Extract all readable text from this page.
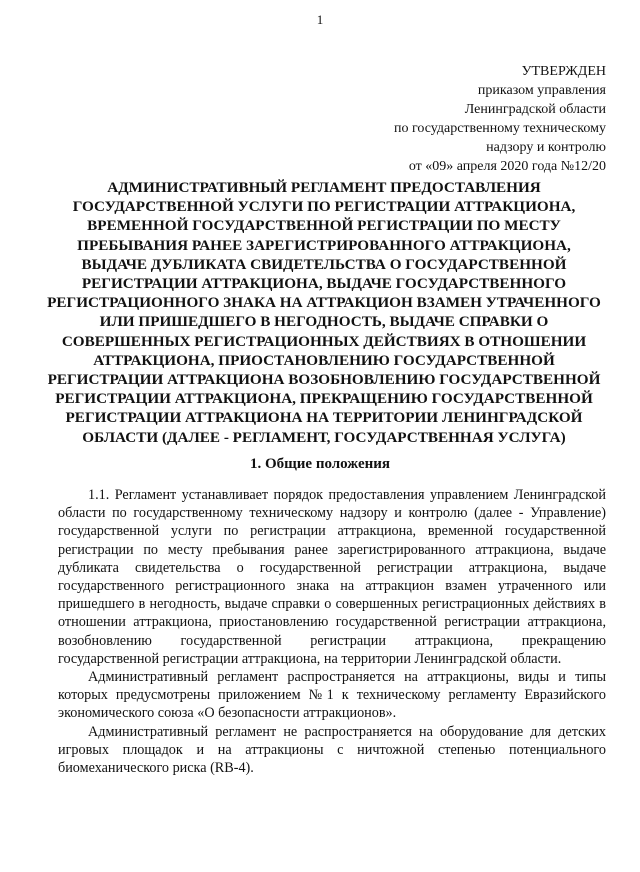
1
УТВЕРЖДЕН
приказом управления
Ленинградской области
по государственному техническому
надзору и контролю
от «09» апреля 2020 года №12/20
АДМИНИСТРАТИВНЫЙ РЕГЛАМЕНТ ПРЕДОСТАВЛЕНИЯ ГОСУДАРСТВЕННОЙ УСЛУГИ ПО РЕГИСТРАЦИИ АТТРАКЦИОНА, ВРЕМЕННОЙ ГОСУДАРСТВЕННОЙ РЕГИСТРАЦИИ ПО МЕСТУ ПРЕБЫВАНИЯ РАНЕЕ ЗАРЕГИСТРИРОВАННОГО АТТРАКЦИОНА, ВЫДАЧЕ ДУБЛИКАТА СВИДЕТЕЛЬСТВА О ГОСУДАРСТВЕННОЙ РЕГИСТРАЦИИ АТТРАКЦИОНА, ВЫДАЧЕ ГОСУДАРСТВЕННОГО РЕГИСТРАЦИОННОГО ЗНАКА НА АТТРАКЦИОН ВЗАМЕН УТРАЧЕННОГО ИЛИ ПРИШЕДШЕГО В НЕГОДНОСТЬ, ВЫДАЧЕ СПРАВКИ О СОВЕРШЕННЫХ РЕГИСТРАЦИОННЫХ ДЕЙСТВИЯХ В ОТНОШЕНИИ АТТРАКЦИОНА, ПРИОСТАНОВЛЕНИЮ ГОСУДАРСТВЕННОЙ РЕГИСТРАЦИИ АТТРАКЦИОНА ВОЗОБНОВЛЕНИЮ ГОСУДАРСТВЕННОЙ РЕГИСТРАЦИИ АТТРАКЦИОНА, ПРЕКРАЩЕНИЮ ГОСУДАРСТВЕННОЙ РЕГИСТРАЦИИ АТТРАКЦИОНА НА ТЕРРИТОРИИ ЛЕНИНГРАДСКОЙ ОБЛАСТИ (ДАЛЕЕ - РЕГЛАМЕНТ, ГОСУДАРСТВЕННАЯ УСЛУГА)
1. Общие положения

1.1. Регламент устанавливает порядок предоставления управлением Ленинградской области по государственному техническому надзору и контролю (далее - Управление) государственной услуги по регистрации аттракциона, временной государственной регистрации по месту пребывания ранее зарегистрированного аттракциона, выдаче дубликата свидетельства о государственной регистрации аттракциона, выдаче государственного регистрационного знака на аттракцион взамен утраченного или пришедшего в негодность, выдаче справки о совершенных регистрационных действиях в отношении аттракциона, приостановлению государственной регистрации аттракциона, возобновлению государственной регистрации аттракциона, прекращению государственной регистрации аттракциона, на территории Ленинградской области.

Административный регламент распространяется на аттракционы, виды и типы которых предусмотрены приложением №1 к техническому регламенту Евразийского экономического союза «О безопасности аттракционов».

Административный регламент не распространяется на оборудование для детских игровых площадок и на аттракционы с ничтожной степенью потенциального биомеханического риска (RB-4).
